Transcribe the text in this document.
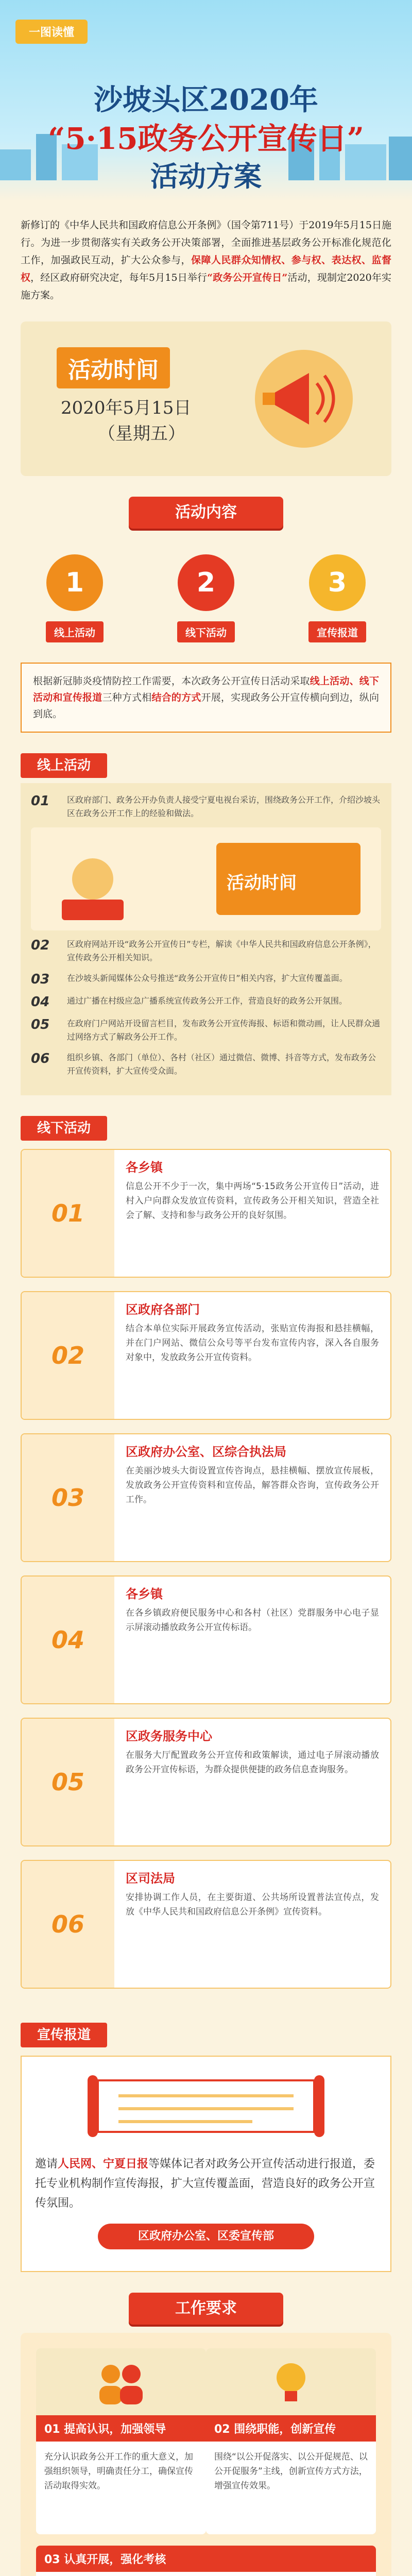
一图读懂
沙坡头区2020年
“5·15政务公开宣传日”
活动方案
新修订的《中华人民共和国政府信息公开条例》（国令第711号）于2019年5月15日施行。为进一步贯彻落实有关政务公开决策部署，全面推进基层政务公开标准化规范化工作，加强政民互动，扩大公众参与，保障人民群众知情权、参与权、表达权、监督权，经区政府研究决定，每年5月15日举行“政务公开宣传日”活动，现制定2020年实施方案。
活动时间
2020年5月15日
（星期五）
活动内容
1
线上活动
2
线下活动
3
宣传报道
根据新冠肺炎疫情防控工作需要，本次政务公开宣传日活动采取线上活动、线下活动和宣传报道三种方式相结合的方式开展，实现政务公开宣传横向到边，纵向到底。
线上活动
01	区政府部门、政务公开办负责人接受宁夏电视台采访，围绕政务公开工作，介绍沙坡头区在政务公开工作上的经验和做法。
活动时间
02	区政府网站开设“政务公开宣传日”专栏，解读《中华人民共和国政府信息公开条例》，宣传政务公开相关知识。
03	在沙坡头新闻媒体公众号推送“政务公开宣传日”相关内容，扩大宣传覆盖面。
04	通过广播在村级应急广播系统宣传政务公开工作，营造良好的政务公开氛围。
05	在政府门户网站开设留言栏目，发布政务公开宣传海报、标语和微动画，让人民群众通过网络方式了解政务公开工作。
06	组织乡镇、各部门（单位）、各村（社区）通过微信、微博、抖音等方式，发布政务公开宣传资料，扩大宣传受众面。
线下活动
01
各乡镇
信息公开不少于一次，集中两场“5·15政务公开宣传日”活动，进村入户向群众发放宣传资料，宣传政务公开相关知识，营造全社会了解、支持和参与政务公开的良好氛围。
02
区政府各部门
结合本单位实际开展政务宣传活动，张贴宣传海报和悬挂横幅，并在门户网站、微信公众号等平台发布宣传内容，深入各自服务对象中，发放政务公开宣传资料。
03
区政府办公室、区综合执法局
在美丽沙坡头大街设置宣传咨询点，悬挂横幅、摆放宣传展板，发放政务公开宣传资料和宣传品，解答群众咨询，宣传政务公开工作。
04
各乡镇
在各乡镇政府便民服务中心和各村（社区）党群服务中心电子显示屏滚动播放政务公开宣传标语。
05
区政务服务中心
在服务大厅配置政务公开宣传和政策解读，通过电子屏滚动播放政务公开宣传标语，为群众提供便捷的政务信息查询服务。
06
区司法局
安排协调工作人员，在主要街道、公共场所设置普法宣传点，发放《中华人民共和国政府信息公开条例》宣传资料。
宣传报道
邀请人民网、宁夏日报等媒体记者对政务公开宣传活动进行报道，委托专业机构制作宣传海报，扩大宣传覆盖面，营造良好的政务公开宣传氛围。
区政府办公室、区委宣传部
工作要求
01 提高认识，加强领导
充分认识政务公开工作的重大意义，加强组织领导，明确责任分工，确保宣传活动取得实效。
02 围绕职能，创新宣传
围绕“以公开促落实、以公开促规范、以公开促服务”主线，创新宣传方式方法，增强宣传效果。
03 认真开展，强化考核
